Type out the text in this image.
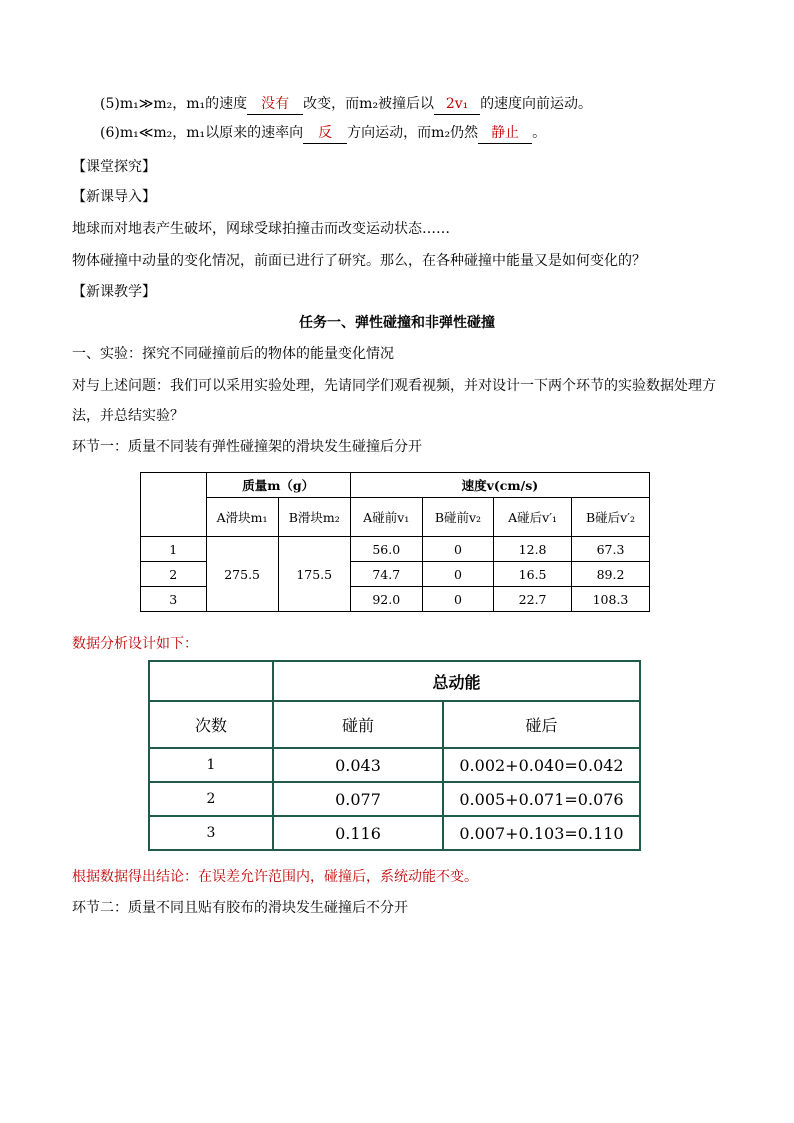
(5)m₁≫m₂，m₁的速度 没有 改变，而m₂被撞后以 2v₁ 的速度向前运动。
(6)m₁≪m₂，m₁以原来的速率向 反 方向运动，而m₂仍然 静止 。
【课堂探究】
【新课导入】
地球而对地表产生破坏，网球受球拍撞击而改变运动状态……
物体碰撞中动量的变化情况，前面已进行了研究。那么，在各种碰撞中能量又是如何变化的？
【新课教学】
任务一、弹性碰撞和非弹性碰撞
一、实验：探究不同碰撞前后的物体的能量变化情况
对与上述问题：我们可以采用实验处理，先请同学们观看视频，并对设计一下两个环节的实验数据处理方
法，并总结实验？
环节一：质量不同装有弹性碰撞架的滑块发生碰撞后分开
	质量m（g）		速度v(cm/s)			
	A滑块m₁	B滑块m₂	A碰前v₁	B碰前v₂	A碰后v′₁	B碰后v′₂
1	275.5	175.5	56.0	0	12.8	67.3
2			74.7	0	16.5	89.2
3			92.0	0	22.7	108.3
数据分析设计如下：
	总动能	
次数	碰前	碰后
1	0.043	0.002+0.040=0.042
2	0.077	0.005+0.071=0.076
3	0.116	0.007+0.103=0.110
根据数据得出结论：在误差允许范围内，碰撞后，系统动能不变。
环节二：质量不同且贴有胶布的滑块发生碰撞后不分开
